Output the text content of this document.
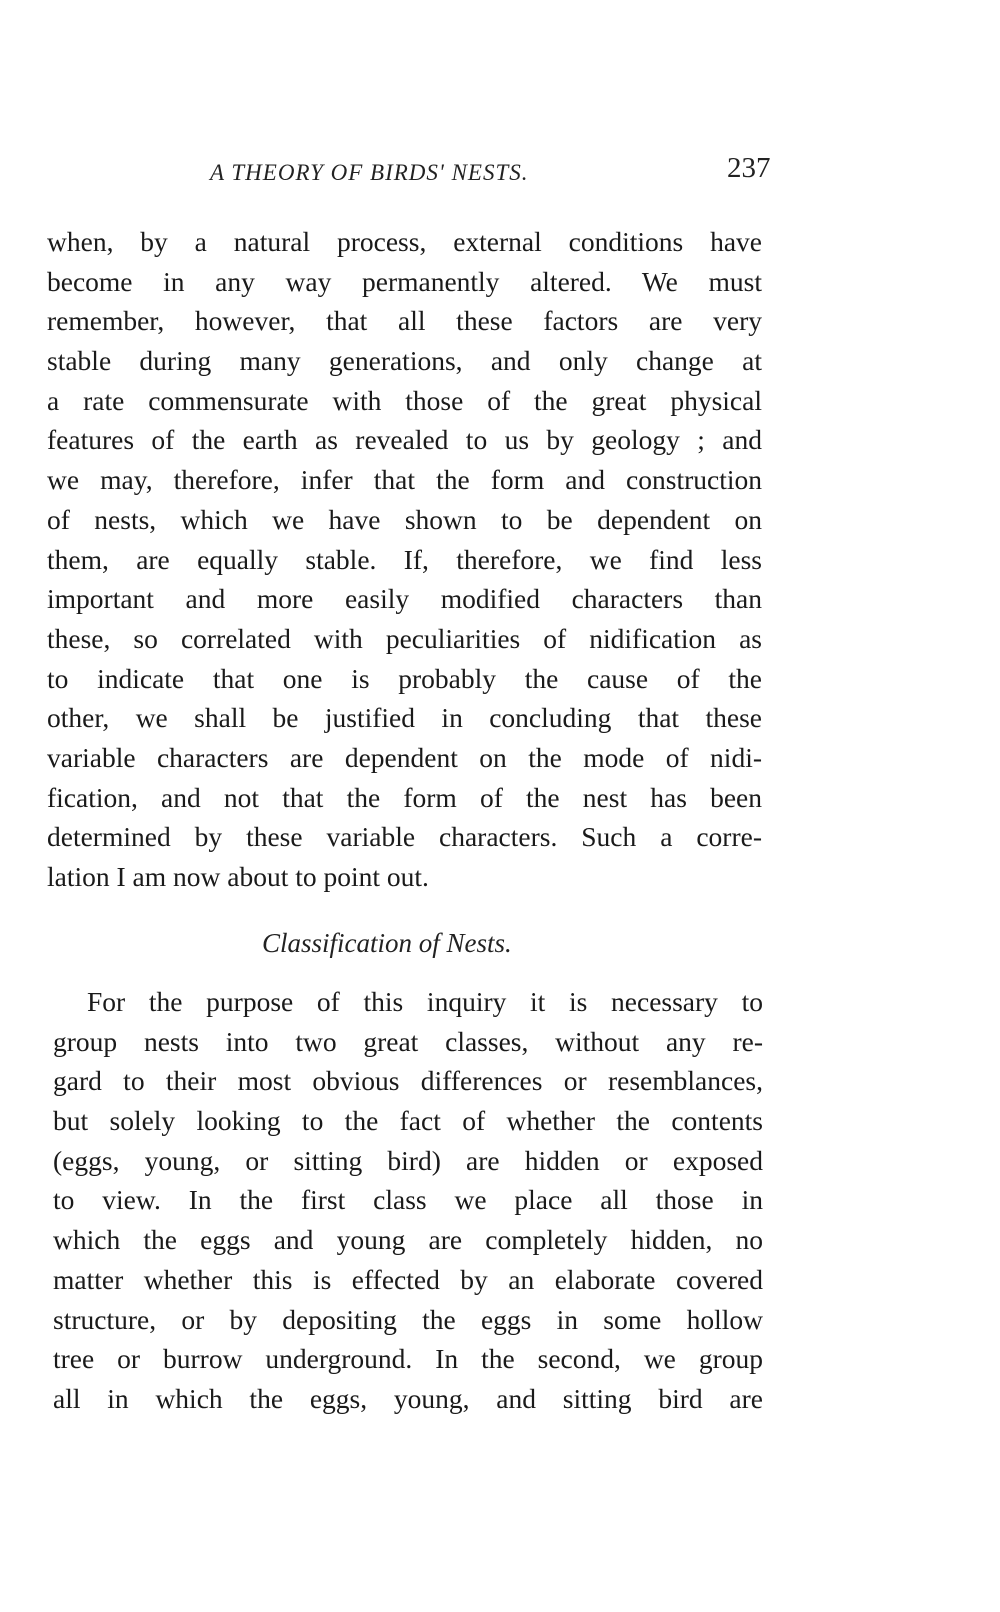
A THEORY OF BIRDS' NESTS.	237
when, by a natural process, external conditions have
become in any way permanently altered. We must
remember, however, that all these factors are very
stable during many generations, and only change at
a rate commensurate with those of the great physical
features of the earth as revealed to us by geology ; and
we may, therefore, infer that the form and construction
of nests, which we have shown to be dependent on
them, are equally stable. If, therefore, we find less
important and more easily modified characters than
these, so correlated with peculiarities of nidification as
to indicate that one is probably the cause of the
other, we shall be justified in concluding that these
variable characters are dependent on the mode of nidi-
fication, and not that the form of the nest has been
determined by these variable characters. Such a corre-
lation I am now about to point out.
Classification of Nests.
For the purpose of this inquiry it is necessary to
group nests into two great classes, without any re-
gard to their most obvious differences or resemblances,
but solely looking to the fact of whether the contents
(eggs, young, or sitting bird) are hidden or exposed
to view. In the first class we place all those in
which the eggs and young are completely hidden, no
matter whether this is effected by an elaborate covered
structure, or by depositing the eggs in some hollow
tree or burrow underground. In the second, we group
all in which the eggs, young, and sitting bird are
